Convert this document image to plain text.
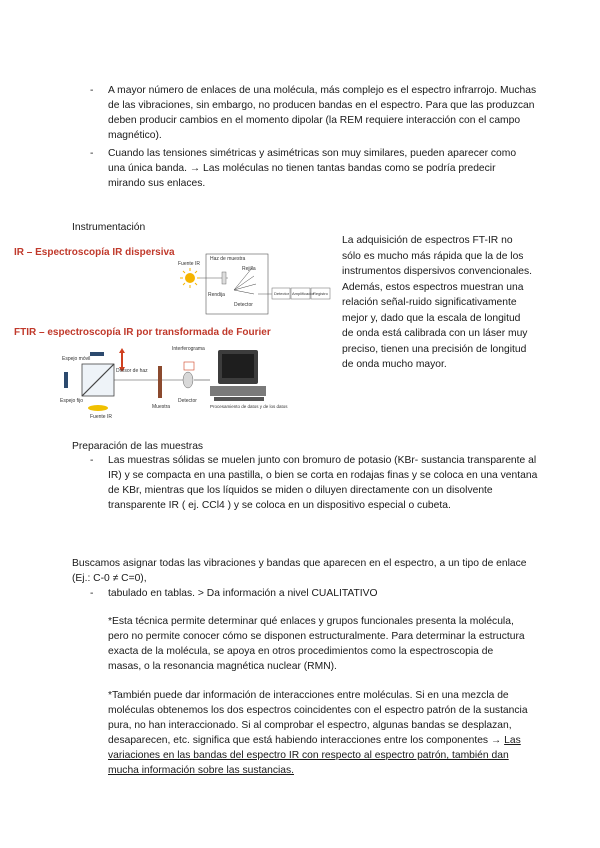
- A mayor número de enlaces de una molécula, más complejo es el espectro infrarrojo. Muchas de las vibraciones, sin embargo, no producen bandas en el espectro. Para que las produzcan deben producir cambios en el momento dipolar (la REM requiere interacción con el campo magnético).
- Cuando las tensiones simétricas y asimétricas son muy similares, pueden aparecer como una única banda. → Las moléculas no tienen tantas bandas como se podría predecir mirando sus enlaces.
Instrumentación
IR – Espectroscopía IR dispersiva
Fuente IR
Haz de muestra
Rejilla
Rendija
Detector
Detector Amplificador
Registro
FTIR – espectroscopía IR por transformada de Fourier
Espejo móvil
Divisor de haz
Espejo fijo
Fuente IR
Muestra
Interferograma
Detector
Procesamiento de datos y de los datos
La adquisición de espectros FT-IR no sólo es mucho más rápida que la de los instrumentos dispersivos convencionales. Además, estos espectros muestran una relación señal-ruido significativamente mejor y, dado que la escala de longitud de onda está calibrada con un láser muy preciso, tienen una precisión de longitud de onda mucho mayor.
Preparación de las muestras
- Las muestras sólidas se muelen junto con bromuro de potasio (KBr- sustancia transparente al IR) y se compacta en una pastilla, o bien se corta en rodajas finas y se coloca en una ventana de KBr, mientras que los líquidos se miden o diluyen directamente con un disolvente transparente IR ( ej. CCl4 ) y se coloca en un dispositivo especial o cubeta.
Buscamos asignar todas las vibraciones y bandas que aparecen en el espectro, a un tipo de enlace (Ej.: C-0 ≠ C=0),
- tabulado en tablas. > Da información a nivel CUALITATIVO
*Esta técnica permite determinar qué enlaces y grupos funcionales presenta la molécula, pero no permite conocer cómo se disponen estructuralmente. Para determinar la estructura exacta de la molécula, se apoya en otros procedimientos como la espectroscopia de masas, o la resonancia magnética nuclear (RMN).
*También puede dar información de interacciones entre moléculas. Si en una mezcla de moléculas obtenemos los dos espectros coincidentes con el espectro patrón de la sustancia pura, no han interaccionado. Si al comprobar el espectro, algunas bandas se desplazan, desaparecen, etc. significa que está habiendo interacciones entre los componentes → Las variaciones en las bandas del espectro IR con respecto al espectro patrón, también dan mucha información sobre las sustancias.
